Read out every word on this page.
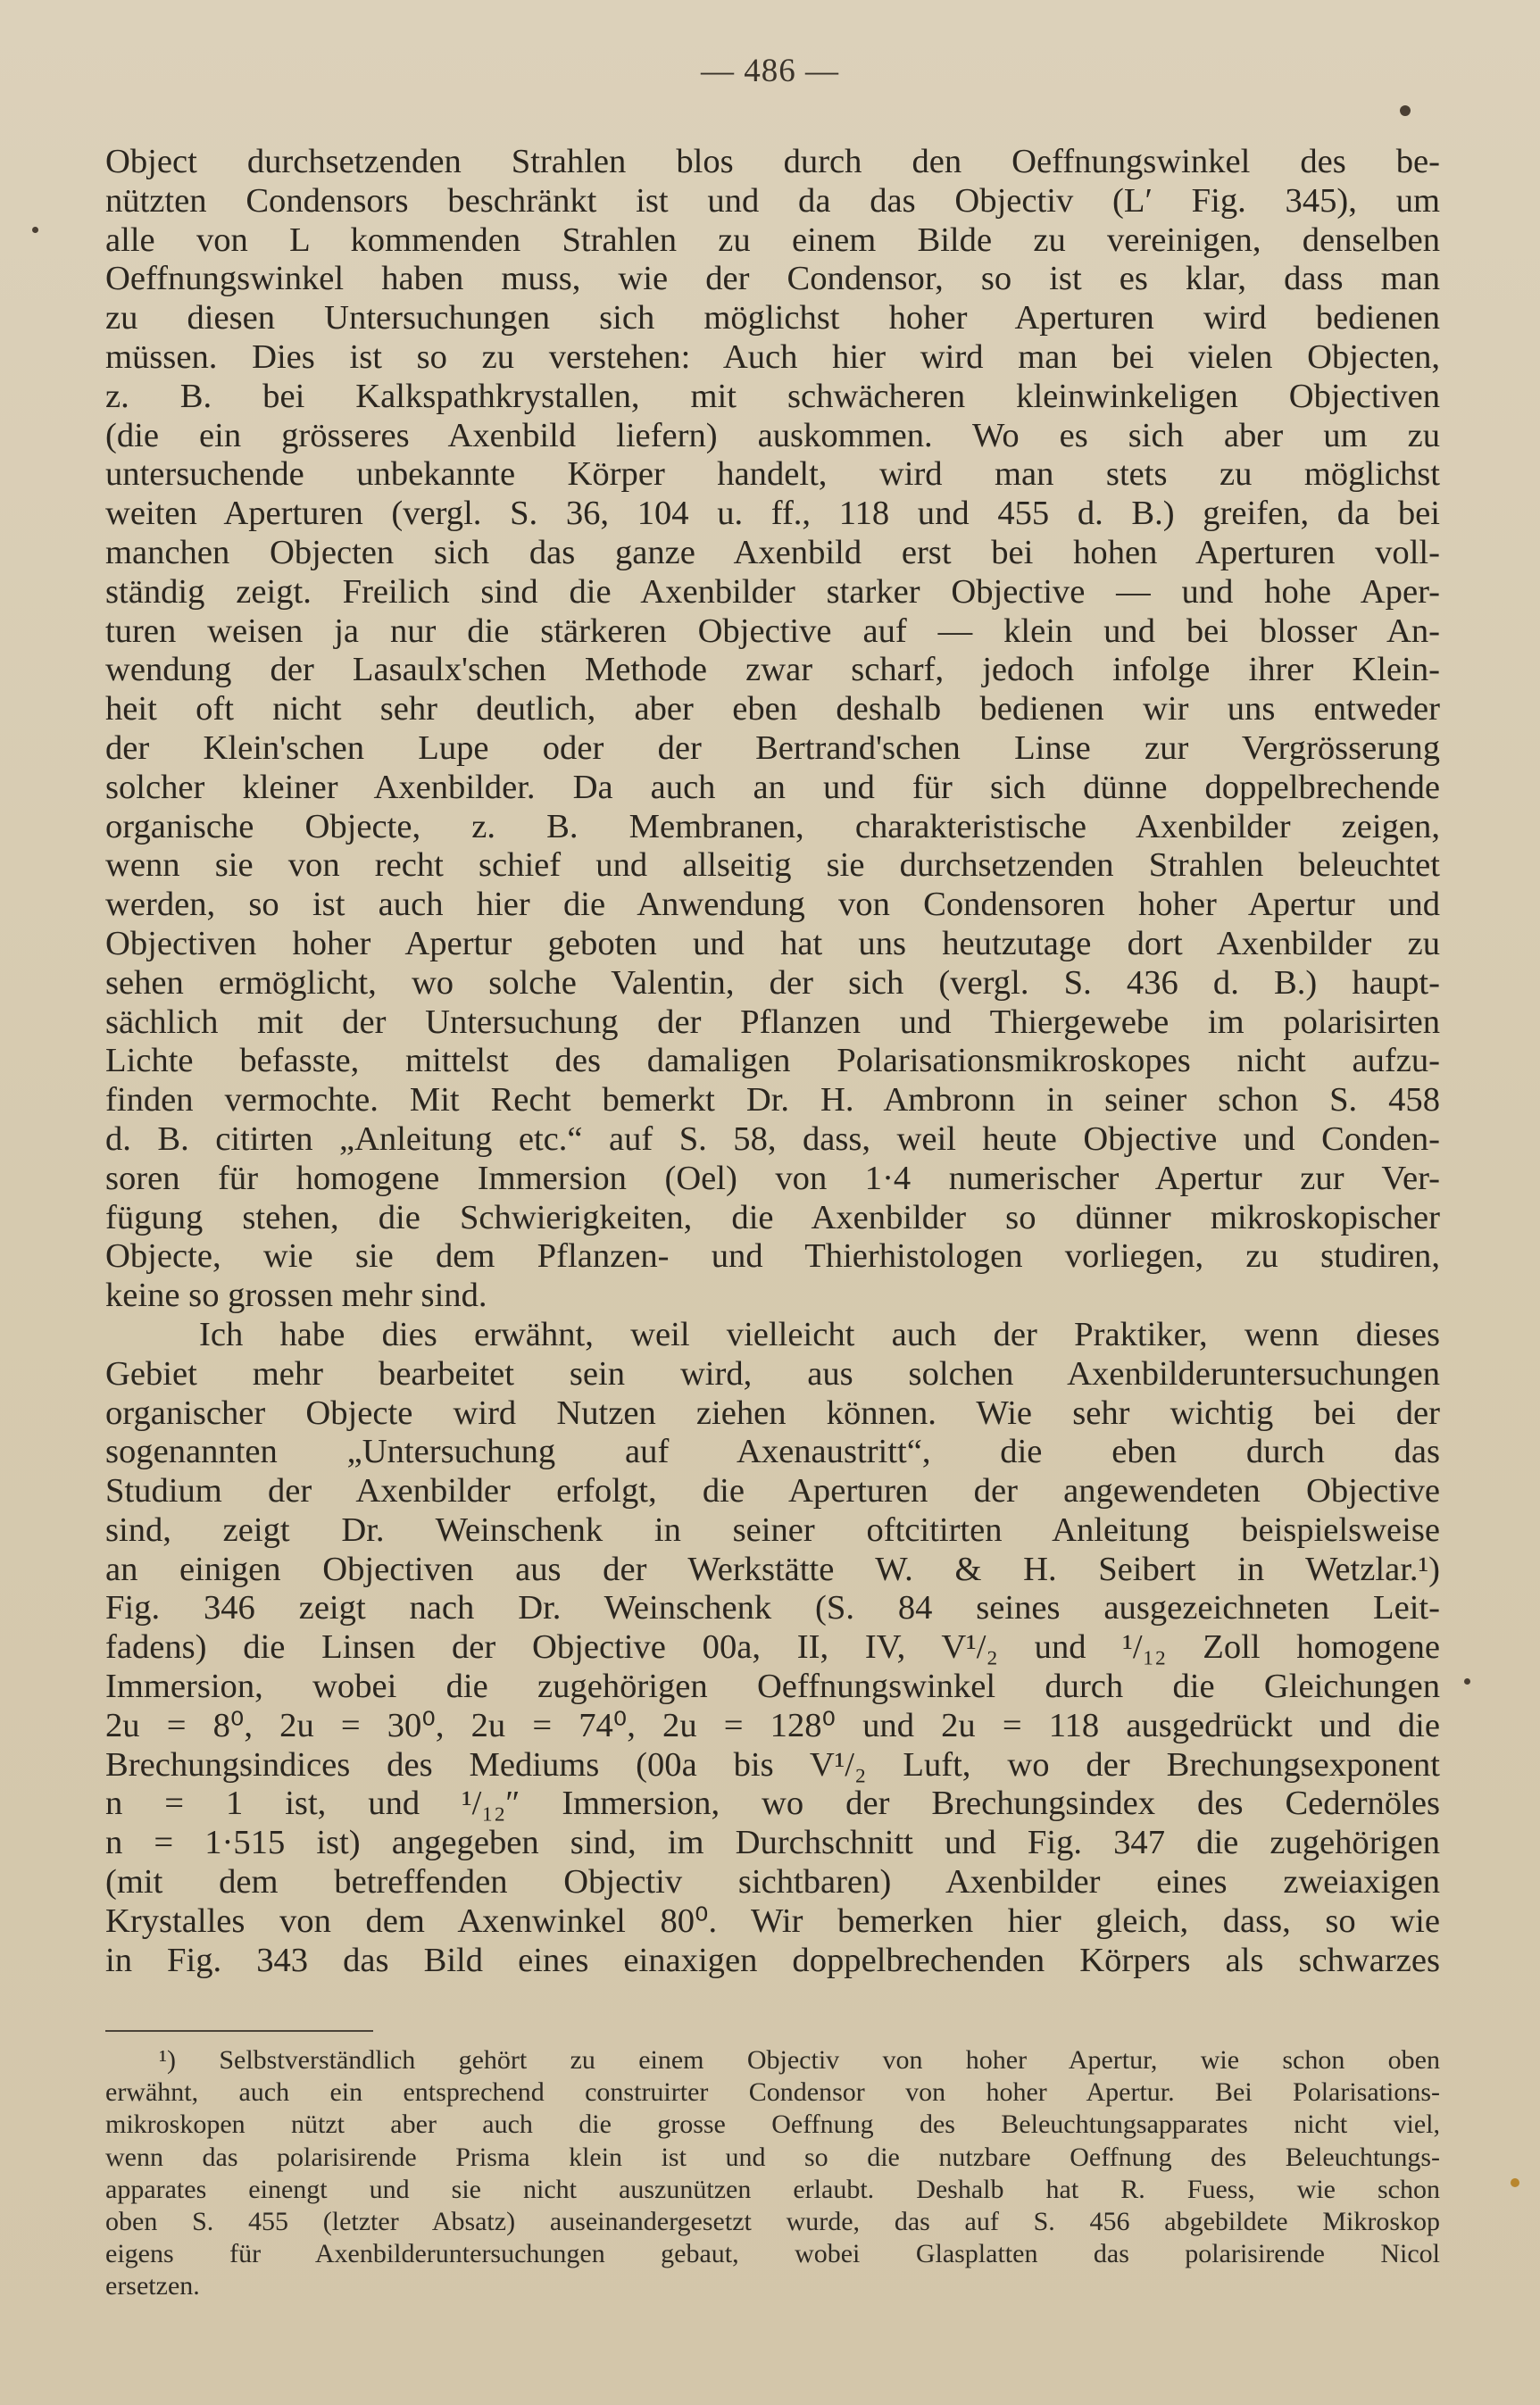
— 486 —
Object durchsetzenden Strahlen blos durch den Oeffnungswinkel des be-
nützten Condensors beschränkt ist und da das Objectiv (L′ Fig. 345), um
alle von L kommenden Strahlen zu einem Bilde zu vereinigen, denselben
Oeffnungswinkel haben muss, wie der Condensor, so ist es klar, dass man
zu diesen Untersuchungen sich möglichst hoher Aperturen wird bedienen
müssen. Dies ist so zu verstehen: Auch hier wird man bei vielen Objecten,
z. B. bei Kalkspathkrystallen, mit schwächeren kleinwinkeligen Objectiven
(die ein grösseres Axenbild liefern) auskommen. Wo es sich aber um zu
untersuchende unbekannte Körper handelt, wird man stets zu möglichst
weiten Aperturen (vergl. S. 36, 104 u. ff., 118 und 455 d. B.) greifen, da bei
manchen Objecten sich das ganze Axenbild erst bei hohen Aperturen voll-
ständig zeigt. Freilich sind die Axenbilder starker Objective — und hohe Aper-
turen weisen ja nur die stärkeren Objective auf — klein und bei blosser An-
wendung der Lasaulx'schen Methode zwar scharf, jedoch infolge ihrer Klein-
heit oft nicht sehr deutlich, aber eben deshalb bedienen wir uns entweder
der Klein'schen Lupe oder der Bertrand'schen Linse zur Vergrösserung
solcher kleiner Axenbilder. Da auch an und für sich dünne doppelbrechende
organische Objecte, z. B. Membranen, charakteristische Axenbilder zeigen,
wenn sie von recht schief und allseitig sie durchsetzenden Strahlen beleuchtet
werden, so ist auch hier die Anwendung von Condensoren hoher Apertur und
Objectiven hoher Apertur geboten und hat uns heutzutage dort Axenbilder zu
sehen ermöglicht, wo solche Valentin, der sich (vergl. S. 436 d. B.) haupt-
sächlich mit der Untersuchung der Pflanzen und Thiergewebe im polarisirten
Lichte befasste, mittelst des damaligen Polarisationsmikroskopes nicht aufzu-
finden vermochte. Mit Recht bemerkt Dr. H. Ambronn in seiner schon S. 458
d. B. citirten „Anleitung etc.“ auf S. 58, dass, weil heute Objective und Conden-
soren für homogene Immersion (Oel) von 1·4 numerischer Apertur zur Ver-
fügung stehen, die Schwierigkeiten, die Axenbilder so dünner mikroskopischer
Objecte, wie sie dem Pflanzen- und Thierhistologen vorliegen, zu studiren,
keine so grossen mehr sind.
Ich habe dies erwähnt, weil vielleicht auch der Praktiker, wenn dieses
Gebiet mehr bearbeitet sein wird, aus solchen Axenbilderuntersuchungen
organischer Objecte wird Nutzen ziehen können. Wie sehr wichtig bei der
sogenannten „Untersuchung auf Axenaustritt“, die eben durch das
Studium der Axenbilder erfolgt, die Aperturen der angewendeten Objective
sind, zeigt Dr. Weinschenk in seiner oftcitirten Anleitung beispielsweise
an einigen Objectiven aus der Werkstätte W. & H. Seibert in Wetzlar.¹)
Fig. 346 zeigt nach Dr. Weinschenk (S. 84 seines ausgezeichneten Leit-
fadens) die Linsen der Objective 00a, II, IV, V¹/₂ und ¹/₁₂ Zoll homogene
Immersion, wobei die zugehörigen Oeffnungswinkel durch die Gleichungen
2u = 8⁰, 2u = 30⁰, 2u = 74⁰, 2u = 128⁰ und 2u = 118 ausgedrückt und die
Brechungsindices des Mediums (00a bis V¹/₂ Luft, wo der Brechungsexponent
n = 1 ist, und ¹/₁₂″ Immersion, wo der Brechungsindex des Cedernöles
n = 1·515 ist) angegeben sind, im Durchschnitt und Fig. 347 die zugehörigen
(mit dem betreffenden Objectiv sichtbaren) Axenbilder eines zweiaxigen
Krystalles von dem Axenwinkel 80⁰. Wir bemerken hier gleich, dass, so wie
in Fig. 343 das Bild eines einaxigen doppelbrechenden Körpers als schwarzes
¹) Selbstverständlich gehört zu einem Objectiv von hoher Apertur, wie schon oben
erwähnt, auch ein entsprechend construirter Condensor von hoher Apertur. Bei Polarisations-
mikroskopen nützt aber auch die grosse Oeffnung des Beleuchtungsapparates nicht viel,
wenn das polarisirende Prisma klein ist und so die nutzbare Oeffnung des Beleuchtungs-
apparates einengt und sie nicht auszunützen erlaubt. Deshalb hat R. Fuess, wie schon
oben S. 455 (letzter Absatz) auseinandergesetzt wurde, das auf S. 456 abgebildete Mikroskop
eigens für Axenbilderuntersuchungen gebaut, wobei Glasplatten das polarisirende Nicol
ersetzen.
